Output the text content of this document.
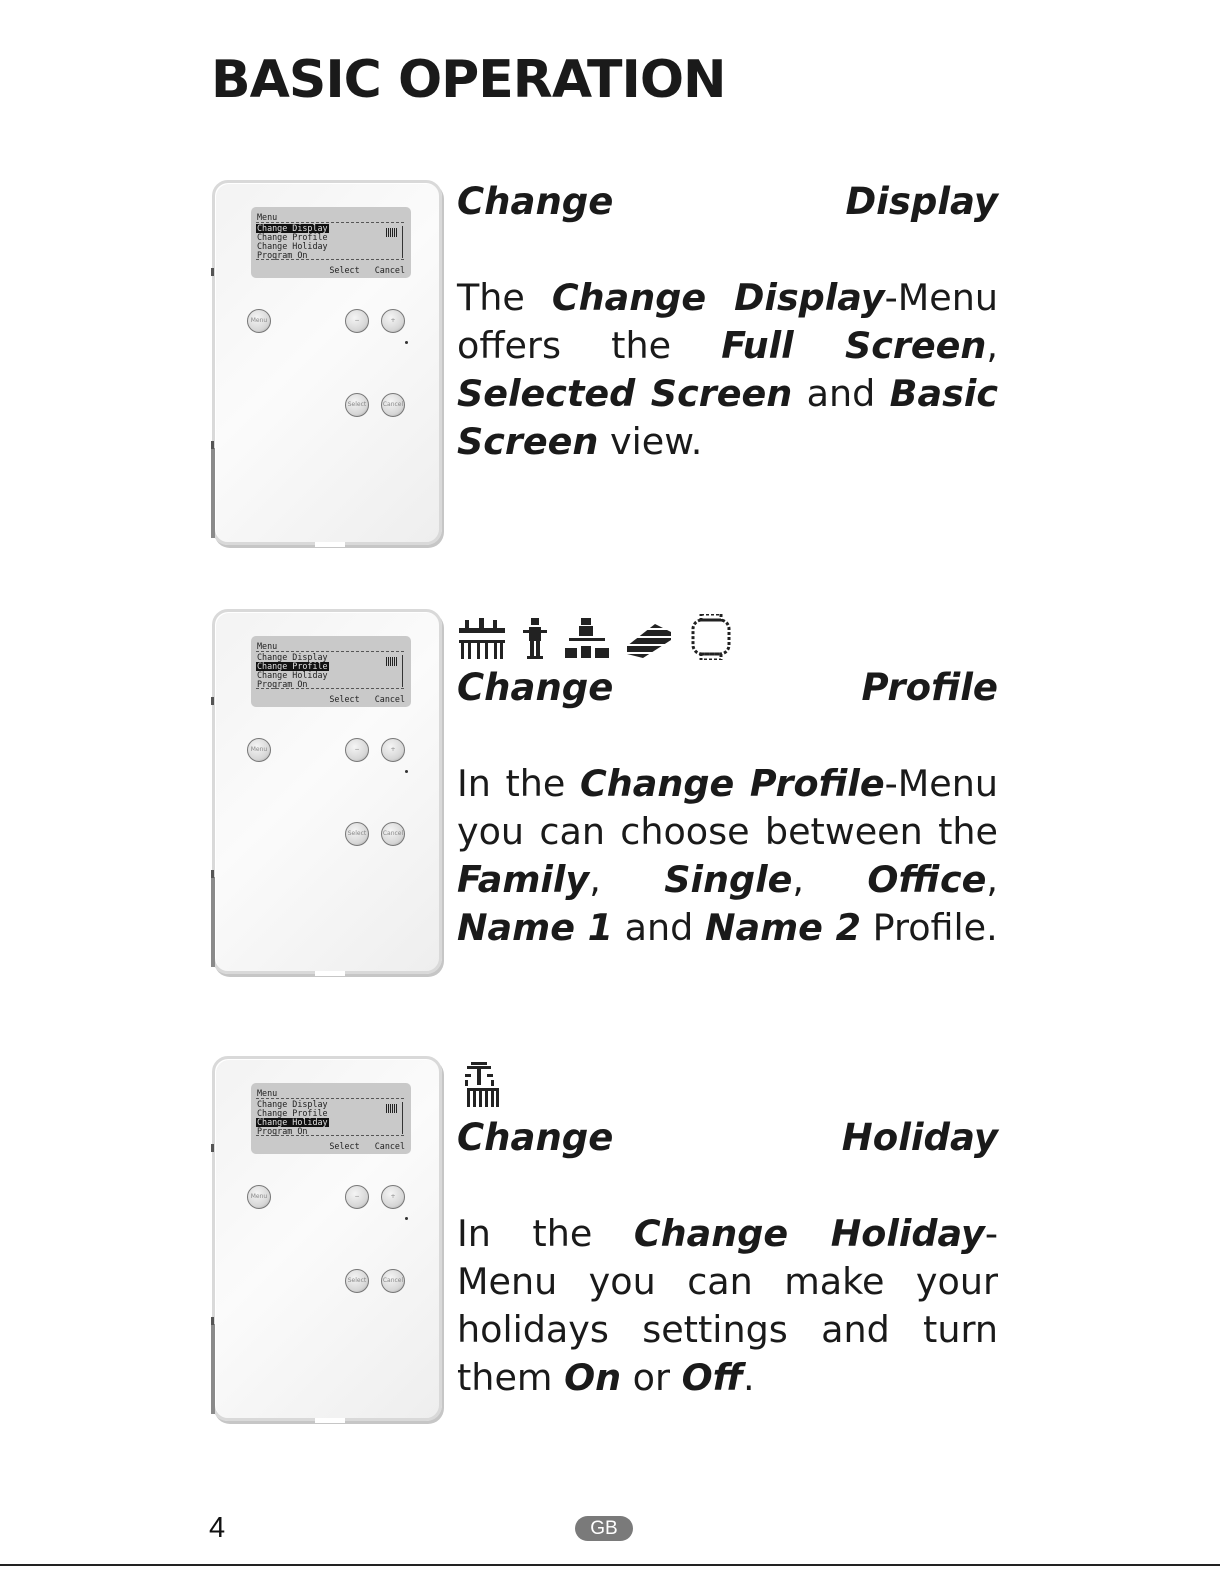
BASIC OPERATION
Menu
Change Display
Change Profile
Change Holiday
Program On
Select   Cancel
Menu	−	+
Select	Cancel

Change Display

The Change Display-Menu offers the Full Screen, Selected Screen and Basic Screen view.

Menu
Change Display
Change Profile
Change Holiday
Program On
Select   Cancel
Menu	−	+
Select	Cancel

Change Profile

In the Change Profile-Menu you can choose between the Family, Single, Office, Name 1 and Name 2 Profile.

Menu
Change Display
Change Profile
Change Holiday
Program On
Select   Cancel
Menu	−	+
Select	Cancel

Change Holiday

In the Change Holiday-Menu you can make your holidays settings and turn them On or Off.

4	GB
